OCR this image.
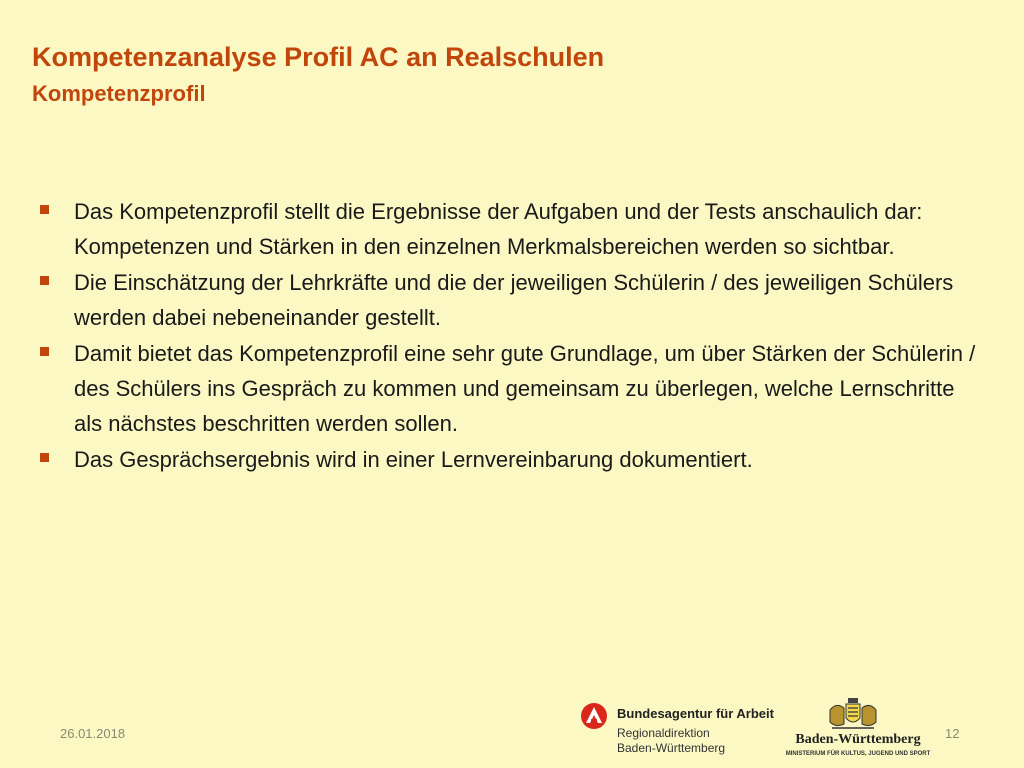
Kompetenzanalyse Profil AC an Realschulen
Kompetenzprofil
Das Kompetenzprofil stellt die Ergebnisse der Aufgaben und der Tests anschaulich dar: Kompetenzen und Stärken in den einzelnen Merkmalsbereichen werden so sichtbar.
Die Einschätzung der Lehrkräfte und die der jeweiligen Schülerin / des jeweiligen Schülers werden dabei nebeneinander gestellt.
Damit bietet das Kompetenzprofil eine sehr gute Grundlage, um über Stärken der Schülerin / des Schülers ins Gespräch zu kommen und gemeinsam zu überlegen, welche Lernschritte als nächstes beschritten werden sollen.
Das Gesprächsergebnis wird in einer Lernvereinbarung dokumentiert.
26.01.2018
Bundesagentur für Arbeit
Regionaldirektion
Baden-Württemberg
Baden-Württemberg
MINISTERIUM FÜR KULTUS, JUGEND UND SPORT
12
